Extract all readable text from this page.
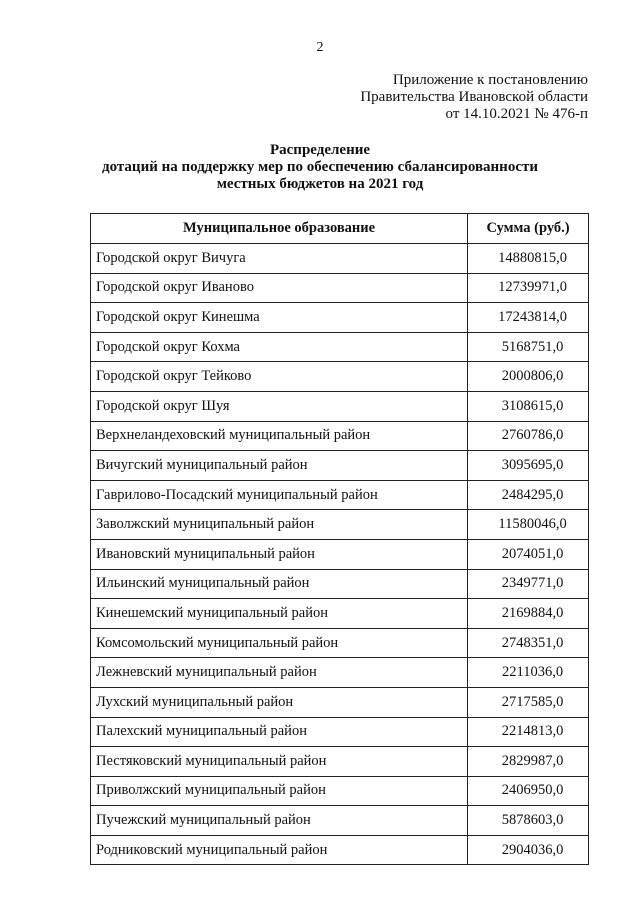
2
Приложение к постановлению
Правительства Ивановской области
от 14.10.2021 № 476-п
Распределение
дотаций на поддержку мер по обеспечению сбалансированности
местных бюджетов на 2021 год
Муниципальное образование	Сумма (руб.)
Городской округ Вичуга	14880815,0
Городской округ Иваново	12739971,0
Городской округ Кинешма	17243814,0
Городской округ Кохма	5168751,0
Городской округ Тейково	2000806,0
Городской округ Шуя	3108615,0
Верхнеландеховский муниципальный район	2760786,0
Вичугский муниципальный район	3095695,0
Гаврилово-Посадский муниципальный район	2484295,0
Заволжский муниципальный район	11580046,0
Ивановский муниципальный район	2074051,0
Ильинский муниципальный район	2349771,0
Кинешемский муниципальный район	2169884,0
Комсомольский муниципальный район	2748351,0
Лежневский муниципальный район	2211036,0
Лухский муниципальный район	2717585,0
Палехский муниципальный район	2214813,0
Пестяковский муниципальный район	2829987,0
Приволжский муниципальный район	2406950,0
Пучежский муниципальный район	5878603,0
Родниковский муниципальный район	2904036,0
